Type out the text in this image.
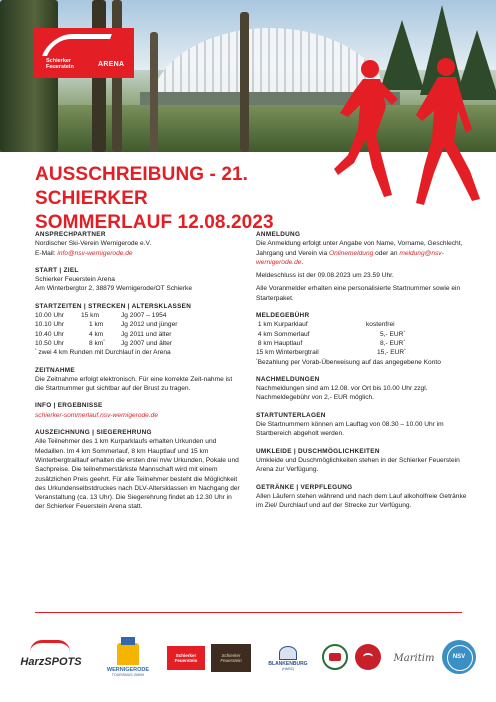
Schierker
Feuerstein	ARENA
AUSSCHREIBUNG - 21. SCHIERKER
SOMMERLAUF 12.08.2023
ANSPRECHPARTNER
Nordischer Ski-Verein Wernigerode e.V.
E-Mail: info@nsv-wernigerode.de
START | ZIEL
Schierker Feuerstein Arena
Am Winterbergtor 2, 38879 Wernigerode/OT Schierke
STARTZEITEN | STRECKEN | ALTERSKLASSEN
10.00 Uhr	15 km	Jg 2007 – 1954
10.10 Uhr	1 km	Jg 2012 und jünger
10.40 Uhr	4 km	Jg 2011 und älter
10.50 Uhr	8 km*	Jg 2007 und älter
* zwei 4 km Runden mit Durchlauf in der Arena
ZEITNAHME
Die Zeitnahme erfolgt elektronisch. Für eine korrekte Zeit-nahme ist die Startnummer gut sichtbar auf der Brust zu tragen.
INFO | ERGEBNISSE
schierker-sommerlauf.nsv-wernigerode.de
AUSZEICHNUNG | SIEGEREHRUNG
Alle Teilnehmer des 1 km Kurparklaufs erhalten Urkunden und Medaillen. Im 4 km Sommerlauf, 8 km Hauptlauf und 15 km Winterbergtraillauf erhalten die ersten drei m/w Urkunden, Pokale und Sachpreise. Die teilnehmerstärkste Mannschaft wird mit einem zusätzlichen Preis geehrt. Für alle Teilnehmer besteht die Möglichkeit des Urkundenselbstdruckes nach DLV-Altersklassen im Nachgang der Veranstaltung (ca. 13 Uhr). Die Siegerehrung findet ab 12.30 Uhr in der Schierker Feuerstein Arena statt.
ANMELDUNG
Die Anmeldung erfolgt unter Angabe von Name, Vorname, Geschlecht, Jahrgang und Verein via Onlinemeldung oder an meldung@nsv-wernigerode.de.
Meldeschluss ist der 09.08.2023 um 23.59 Uhr.
Alle Voranmelder erhalten eine personalisierte Startnummer sowie ein Starterpaket.
MELDEGEBÜHR
1 km Kurparklauf	kostenfrei
4 km Sommerlauf	5,- EUR*
8 km Hauptlauf	8,- EUR*
15 km Winterbergtrail	15,- EUR*
*Bezahlung per Vorab-Überweisung auf das angegebene Konto
NACHMELDUNGEN
Nachmeldungen sind am 12.08. vor Ort bis 10.00 Uhr zzgl. Nachmeldegebühr von 2,- EUR möglich.
STARTUNTERLAGEN
Die Startnummern können am Lauftag von 08.30 – 10.00 Uhr im Startbereich abgeholt werden.
UMKLEIDE | DUSCHMÖGLICHKEITEN
Umkleide und Duschmöglichkeiten stehen in der Schierker Feuerstein Arena zur Verfügung.
GETRÄNKE | VERPFLEGUNG
Allen Läufern stehen während und nach dem Lauf alkoholfreie Getränke im Ziel/ Durchlauf und auf der Strecke zur Verfügung.
HarzSPOTS
WERNIGERODE
TOURISMUS GMBH
Schierker Feuerstein
Schierker Feuerstein	BLANKENBURG
(HARZ)
Maritim	NSV
